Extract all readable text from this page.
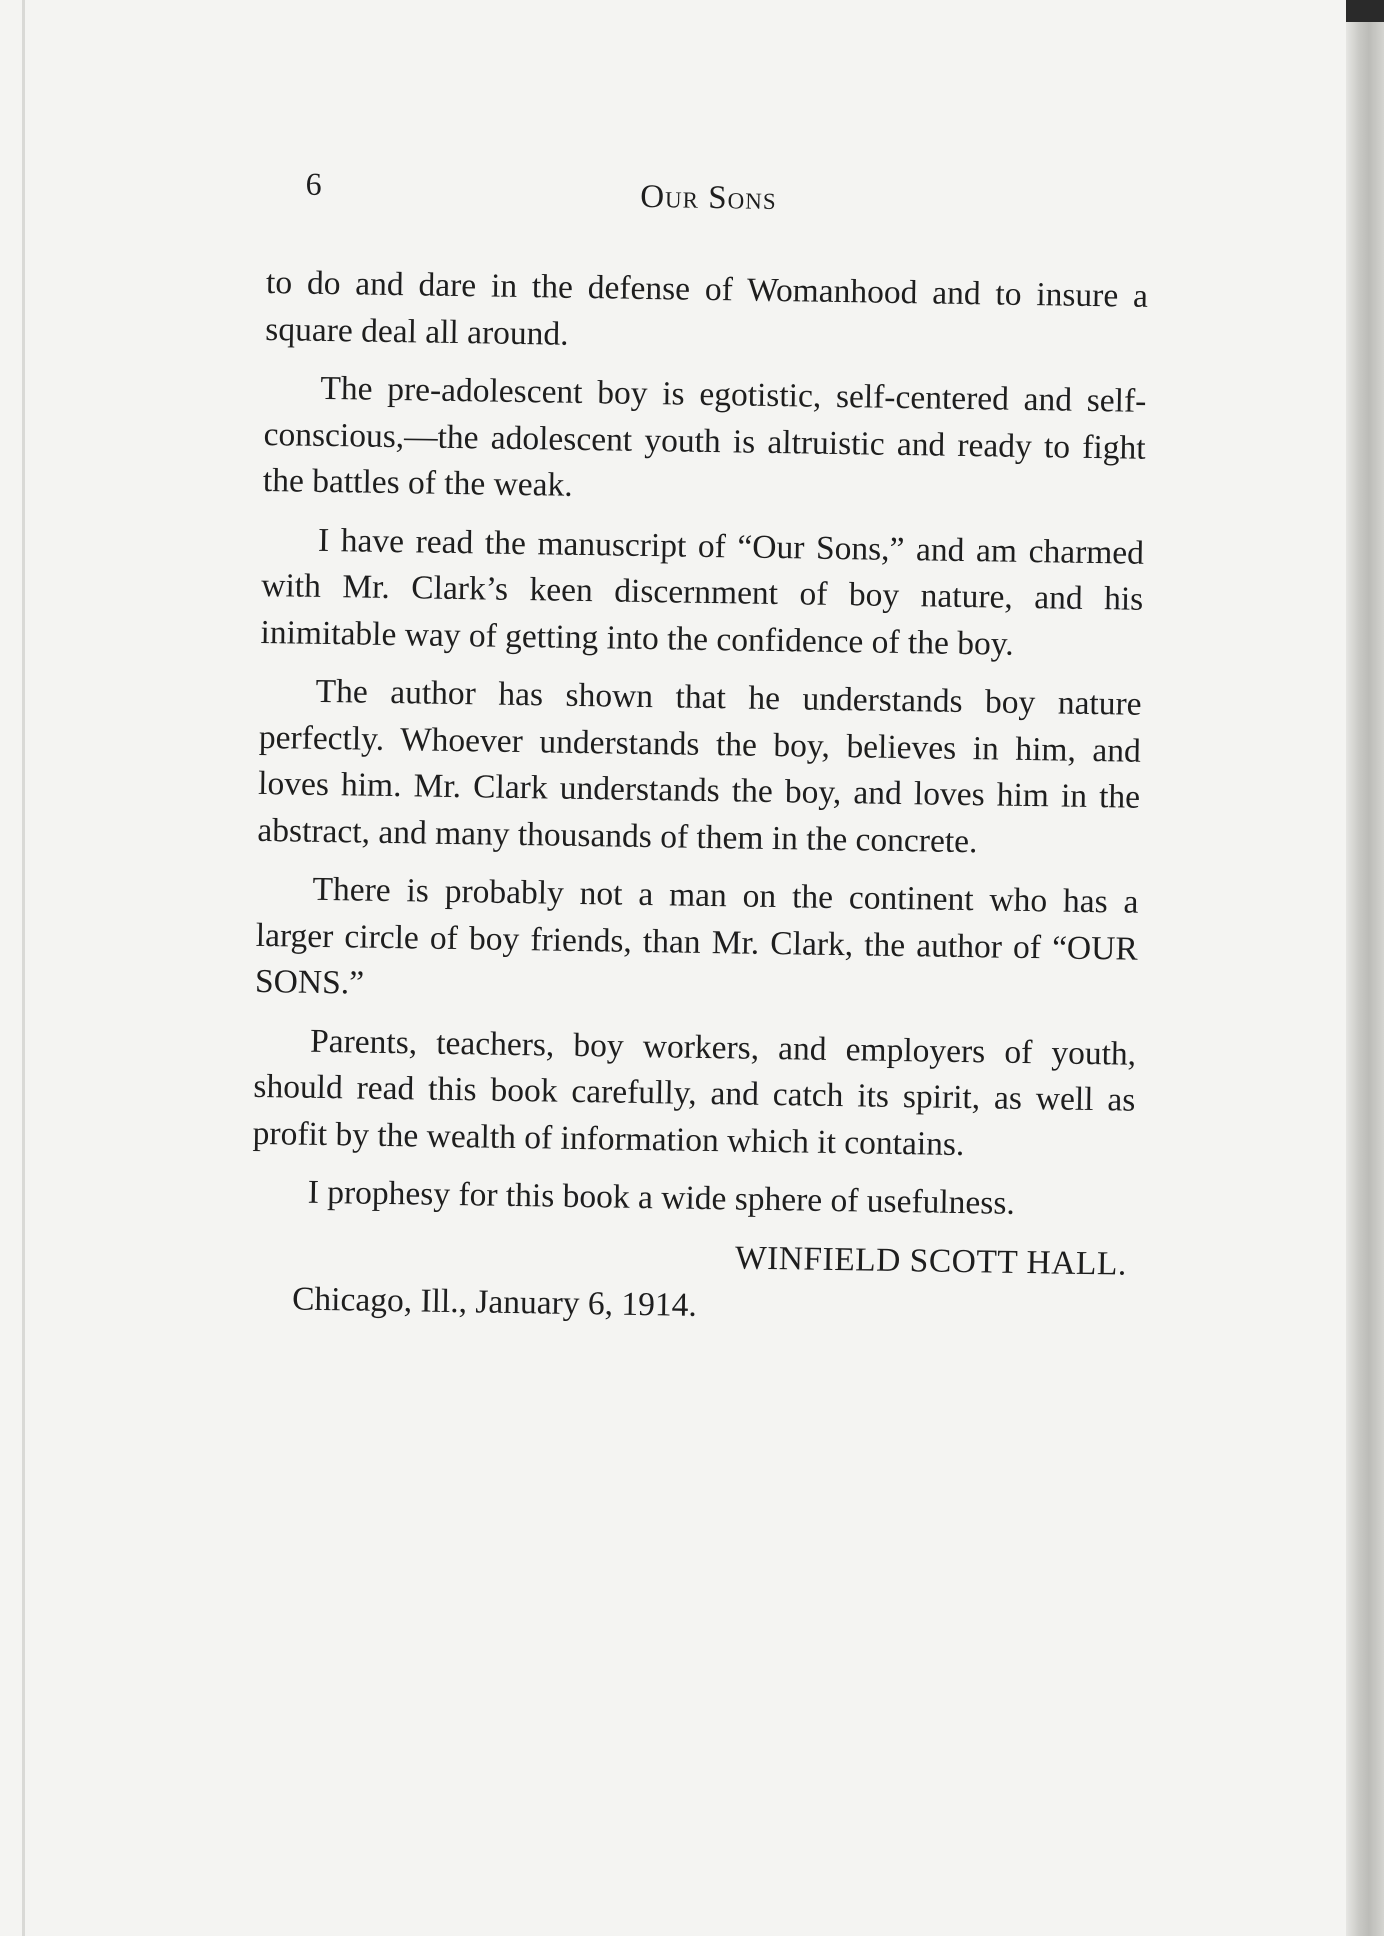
6	Our Sons

to do and dare in the defense of Womanhood and to insure a square deal all around.

The pre-adolescent boy is egotistic, self-centered and self-conscious,—the adolescent youth is altruistic and ready to fight the battles of the weak.

I have read the manuscript of “Our Sons,” and am charmed with Mr. Clark’s keen discernment of boy nature, and his inimitable way of getting into the confidence of the boy.

The author has shown that he understands boy nature perfectly. Whoever understands the boy, believes in him, and loves him. Mr. Clark understands the boy, and loves him in the abstract, and many thousands of them in the concrete.

There is probably not a man on the continent who has a larger circle of boy friends, than Mr. Clark, the author of “OUR SONS.”

Parents, teachers, boy workers, and employers of youth, should read this book carefully, and catch its spirit, as well as profit by the wealth of information which it contains.

I prophesy for this book a wide sphere of usefulness.

WINFIELD SCOTT HALL.
Chicago, Ill., January 6, 1914.
